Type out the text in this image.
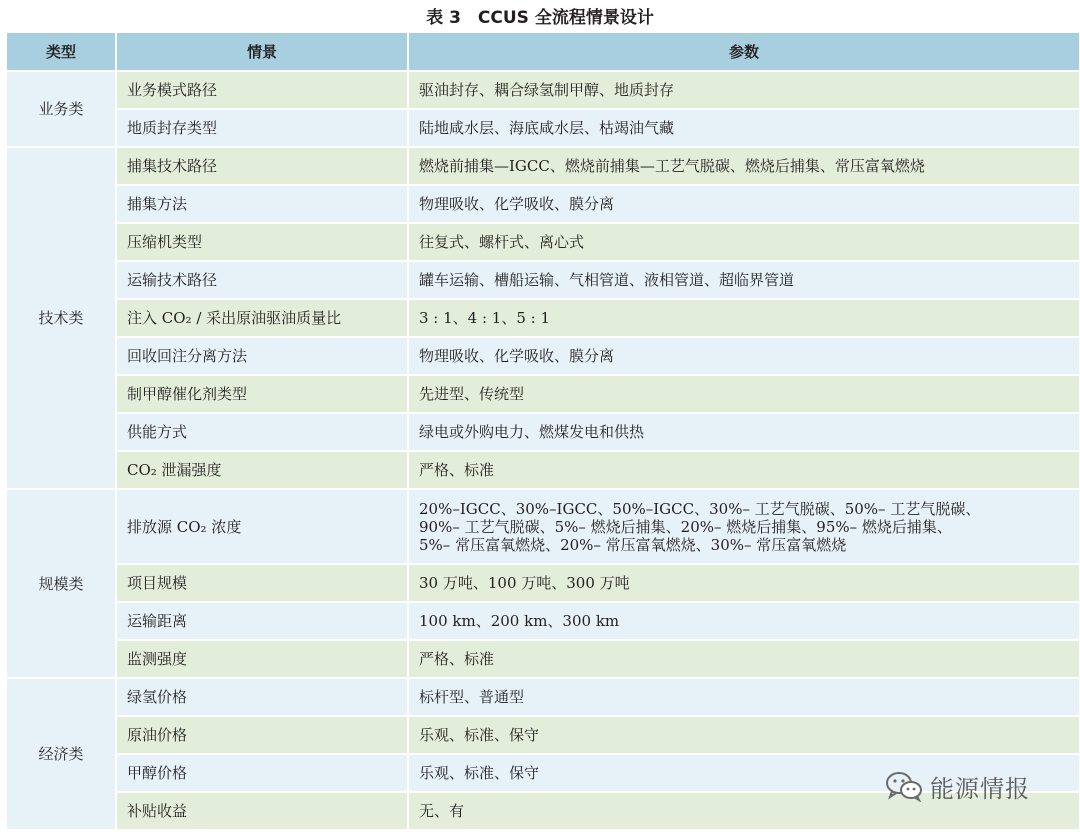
表 3　CCUS 全流程情景设计
类型	情景	参数
业务类	业务模式路径	驱油封存、耦合绿氢制甲醇、地质封存

	地质封存类型	陆地咸水层、海底咸水层、枯竭油气藏

技术类	捕集技术路径	燃烧前捕集—IGCC、燃烧前捕集—工艺气脱碳、燃烧后捕集、常压富氧燃烧

	捕集方法	物理吸收、化学吸收、膜分离

	压缩机类型	往复式、螺杆式、离心式

	运输技术路径	罐车运输、槽船运输、气相管道、液相管道、超临界管道

	注入 CO₂ / 采出原油驱油质量比	3 : 1、4 : 1、5 : 1

	回收回注分离方法	物理吸收、化学吸收、膜分离

	制甲醇催化剂类型	先进型、传统型

	供能方式	绿电或外购电力、燃煤发电和供热

	CO₂ 泄漏强度	严格、标准

规模类	排放源 CO₂ 浓度	20%–IGCC、30%–IGCC、50%–IGCC、30%– 工艺气脱碳、50%– 工艺气脱碳、
90%– 工艺气脱碳、5%– 燃烧后捕集、20%– 燃烧后捕集、95%– 燃烧后捕集、
5%– 常压富氧燃烧、20%– 常压富氧燃烧、30%– 常压富氧燃烧

	项目规模	30 万吨、100 万吨、300 万吨

	运输距离	100 km、200 km、300 km

	监测强度	严格、标准

经济类	绿氢价格	标杆型、普通型

	原油价格	乐观、标准、保守

	甲醇价格	乐观、标准、保守

	补贴收益	无、有
能源情报
